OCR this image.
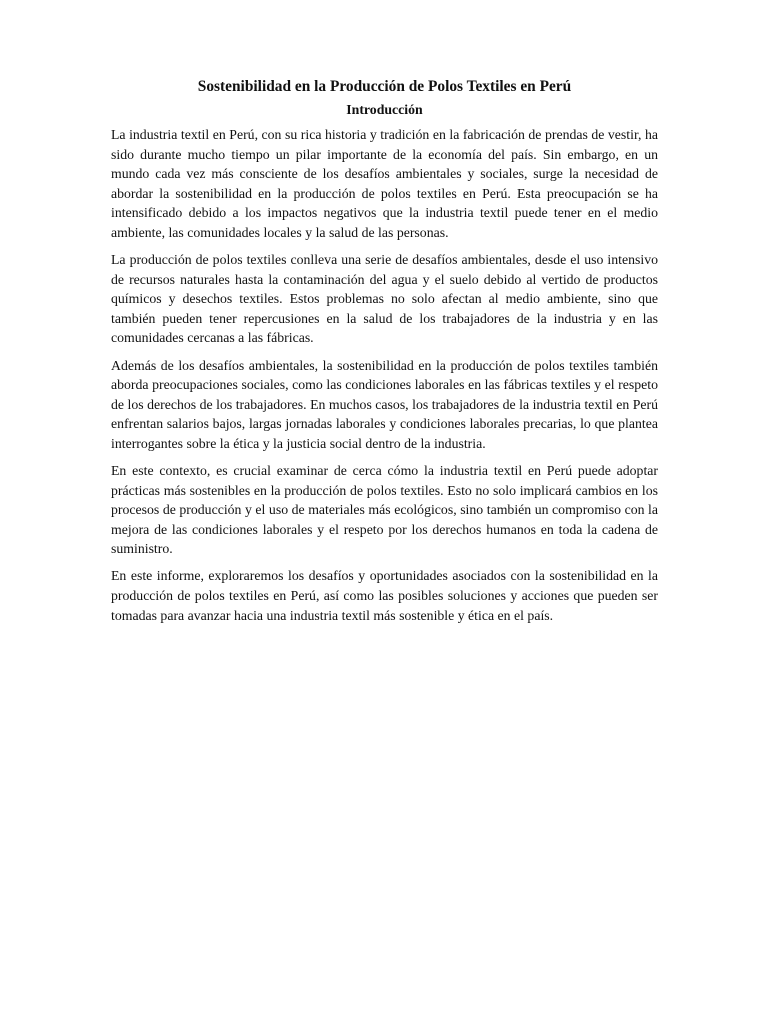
Sostenibilidad en la Producción de Polos Textiles en Perú
Introducción

La industria textil en Perú, con su rica historia y tradición en la fabricación de prendas de vestir, ha sido durante mucho tiempo un pilar importante de la economía del país. Sin embargo, en un mundo cada vez más consciente de los desafíos ambientales y sociales, surge la necesidad de abordar la sostenibilidad en la producción de polos textiles en Perú. Esta preocupación se ha intensificado debido a los impactos negativos que la industria textil puede tener en el medio ambiente, las comunidades locales y la salud de las personas.

La producción de polos textiles conlleva una serie de desafíos ambientales, desde el uso intensivo de recursos naturales hasta la contaminación del agua y el suelo debido al vertido de productos químicos y desechos textiles. Estos problemas no solo afectan al medio ambiente, sino que también pueden tener repercusiones en la salud de los trabajadores de la industria y en las comunidades cercanas a las fábricas.

Además de los desafíos ambientales, la sostenibilidad en la producción de polos textiles también aborda preocupaciones sociales, como las condiciones laborales en las fábricas textiles y el respeto de los derechos de los trabajadores. En muchos casos, los trabajadores de la industria textil en Perú enfrentan salarios bajos, largas jornadas laborales y condiciones laborales precarias, lo que plantea interrogantes sobre la ética y la justicia social dentro de la industria.

En este contexto, es crucial examinar de cerca cómo la industria textil en Perú puede adoptar prácticas más sostenibles en la producción de polos textiles. Esto no solo implicará cambios en los procesos de producción y el uso de materiales más ecológicos, sino también un compromiso con la mejora de las condiciones laborales y el respeto por los derechos humanos en toda la cadena de suministro.

En este informe, exploraremos los desafíos y oportunidades asociados con la sostenibilidad en la producción de polos textiles en Perú, así como las posibles soluciones y acciones que pueden ser tomadas para avanzar hacia una industria textil más sostenible y ética en el país.
